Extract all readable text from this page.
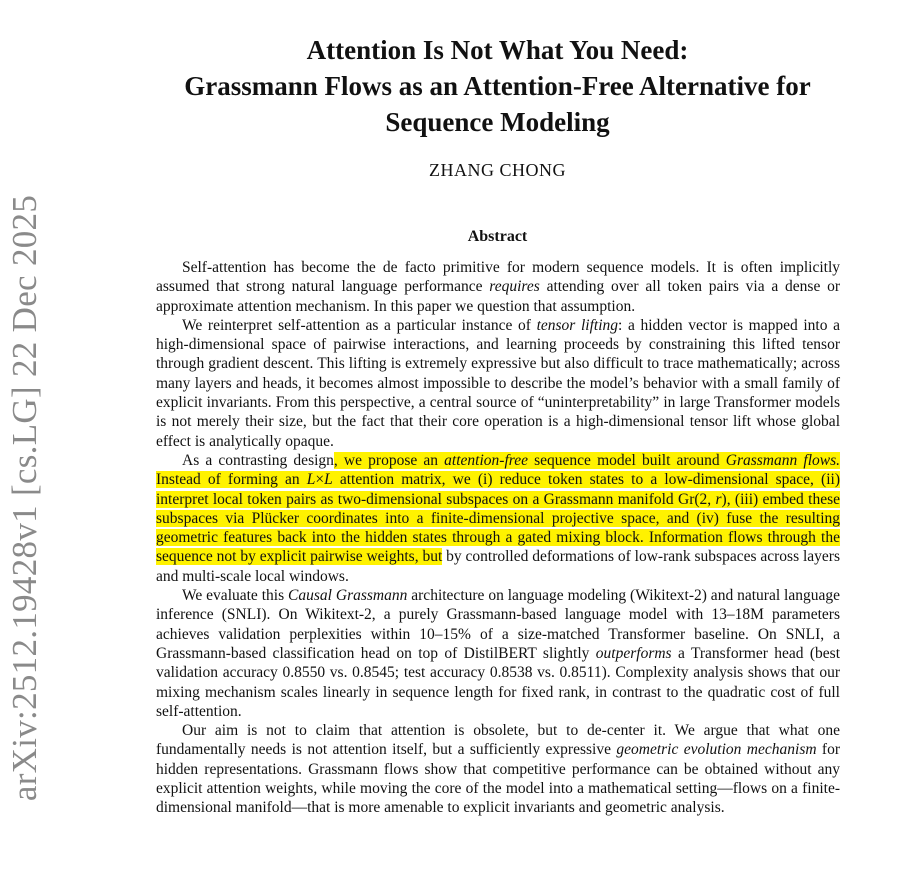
arXiv:2512.19428v1 [cs.LG] 22 Dec 2025
Attention Is Not What You Need:
Grassmann Flows as an Attention-Free Alternative for
Sequence Modeling
ZHANG CHONG
Abstract

Self-attention has become the de facto primitive for modern sequence models. It is often implicitly assumed that strong natural language performance requires attending over all token pairs via a dense or approximate attention mechanism. In this paper we question that assumption.

We reinterpret self-attention as a particular instance of tensor lifting: a hidden vector is mapped into a high-dimensional space of pairwise interactions, and learning proceeds by constraining this lifted tensor through gradient descent. This lifting is extremely expressive but also difficult to trace mathematically; across many layers and heads, it becomes almost impossible to describe the model’s behavior with a small family of explicit invariants. From this perspective, a central source of “uninterpretability” in large Transformer models is not merely their size, but the fact that their core operation is a high-dimensional tensor lift whose global effect is analytically opaque.

As a contrasting design, we propose an attention-free sequence model built around Grassmann flows. Instead of forming an L×L attention matrix, we (i) reduce token states to a low-dimensional space, (ii) interpret local token pairs as two-dimensional subspaces on a Grassmann manifold Gr(2, r), (iii) embed these subspaces via Plücker coordinates into a finite-dimensional projective space, and (iv) fuse the resulting geometric features back into the hidden states through a gated mixing block. Information flows through the sequence not by explicit pairwise weights, but by controlled deformations of low-rank subspaces across layers and multi-scale local windows.

We evaluate this Causal Grassmann architecture on language modeling (Wikitext-2) and natural language inference (SNLI). On Wikitext-2, a purely Grassmann-based language model with 13–18M parameters achieves validation perplexities within 10–15% of a size-matched Transformer baseline. On SNLI, a Grassmann-based classification head on top of DistilBERT slightly outperforms a Transformer head (best validation accuracy 0.8550 vs. 0.8545; test accuracy 0.8538 vs. 0.8511). Complexity analysis shows that our mixing mechanism scales linearly in sequence length for fixed rank, in contrast to the quadratic cost of full self-attention.

Our aim is not to claim that attention is obsolete, but to de-center it. We argue that what one fundamentally needs is not attention itself, but a sufficiently expressive geometric evolution mechanism for hidden representations. Grassmann flows show that competitive performance can be obtained without any explicit attention weights, while moving the core of the model into a mathematical setting—flows on a finite-dimensional manifold—that is more amenable to explicit invariants and geometric analysis.
